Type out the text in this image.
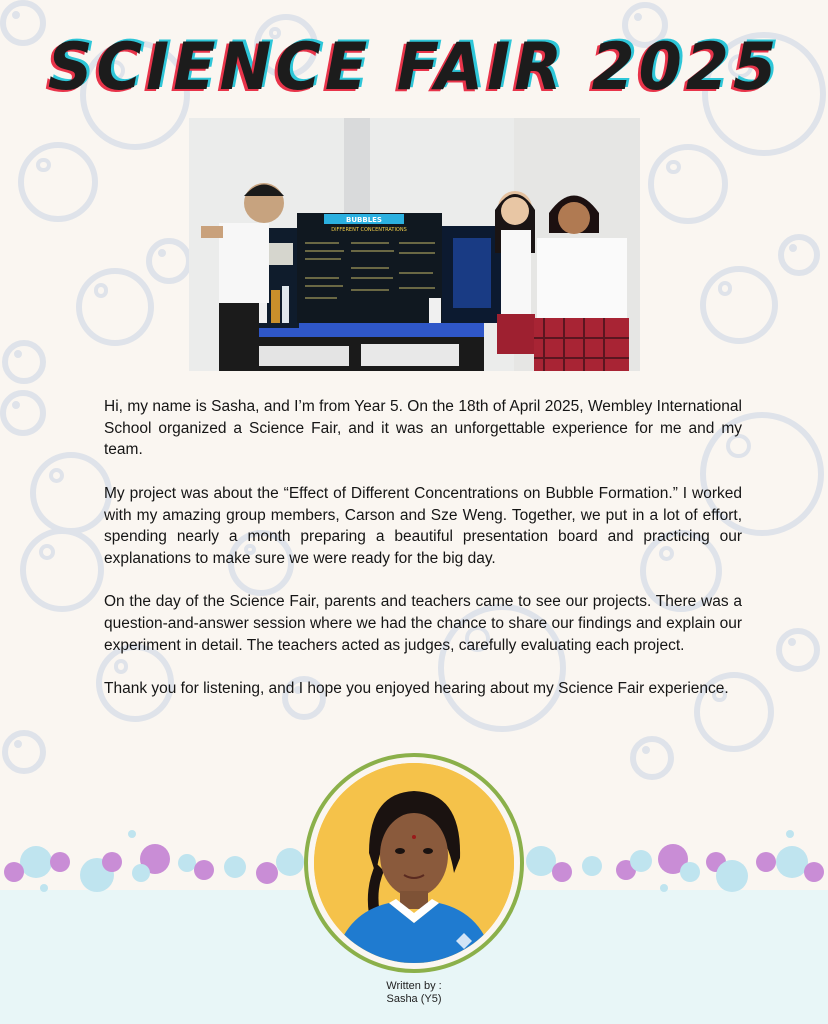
SCIENCE FAIR 2025
BUBBLES
DIFFERENT CONCENTRATIONS

Hi, my name is Sasha, and I’m from Year 5. On the 18th of April 2025, Wembley International School organized a Science Fair, and it was an unforgettable experience for me and my team.

My project was about the “Effect of Different Concentrations on Bubble Formation.” I worked with my amazing group members, Carson and Sze Weng. Together, we put in a lot of effort, spending nearly a month preparing a beautiful presentation board and practicing our explanations to make sure we were ready for the big day.

On the day of the Science Fair, parents and teachers came to see our projects. There was a question-and-answer session where we had the chance to share our findings and explain our experiment in detail. The teachers acted as judges, carefully evaluating each project.

Thank you for listening, and I hope you enjoyed hearing about my Science Fair experience.

Written by :
Sasha (Y5)
